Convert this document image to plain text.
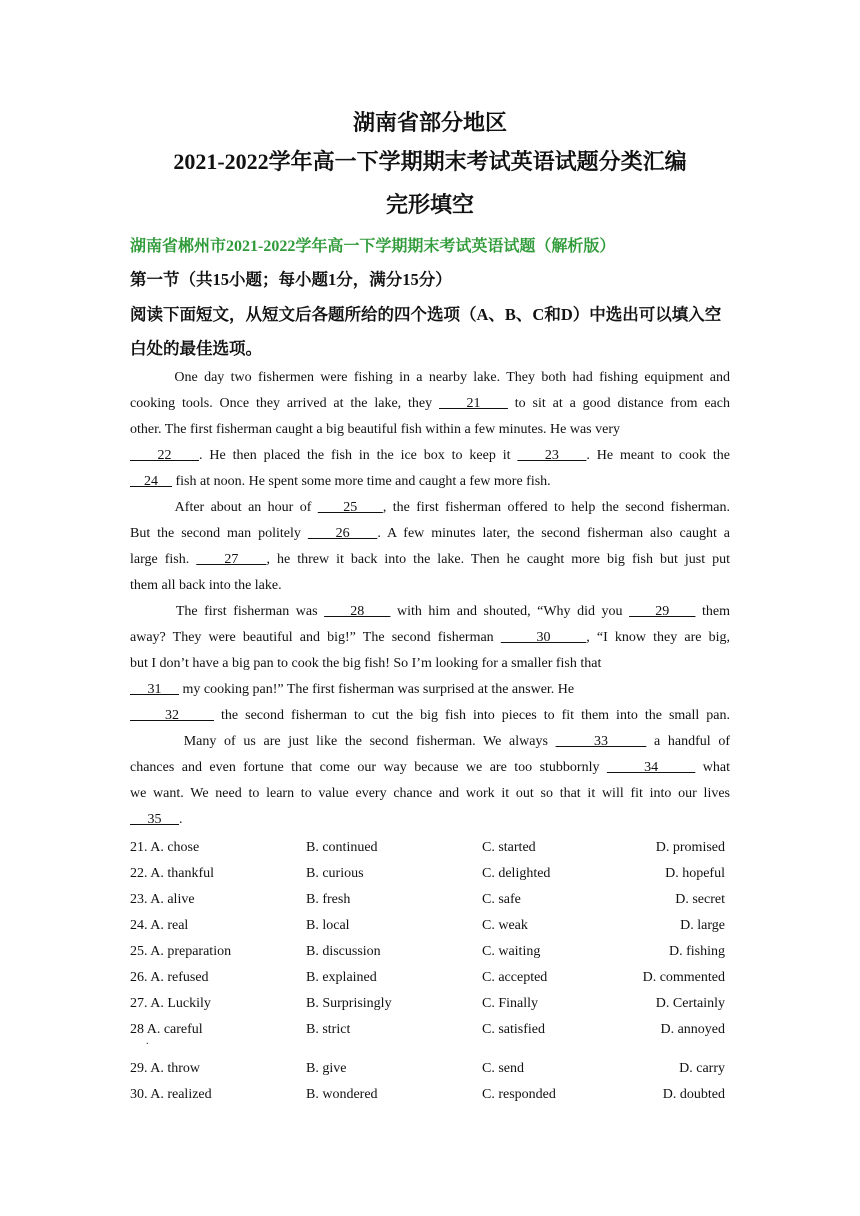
湖南省部分地区
2021-2022学年高一下学期期末考试英语试题分类汇编
完形填空
湖南省郴州市2021-2022学年高一下学期期末考试英语试题（解析版）
第一节（共15小题；每小题1分，满分15分）
阅读下面短文，从短文后各题所给的四个选项（A、B、C和D）中选出可以填入空白处的最佳选项。
One day two fishermen were fishing in a nearby lake. They both had fishing equipment and
cooking tools. Once they arrived at the lake, they     21     to sit at a good distance from each
other. The first fisherman caught a big beautiful fish within a few minutes. He was very
22    . He then placed the fish in the ice box to keep it     23    . He meant to cook the
24     fish at noon. He spent some more time and caught a few more fish.
After about an hour of     25    , the first fisherman offered to help the second fisherman.
But the second man politely     26    . A few minutes later, the second fisherman also caught a
large fish.     27    , he threw it back into the lake. Then he caught more big fish but just put
them all back into the lake.
The first fisherman was     28     with him and shouted, “Why did you     29     them
away? They were beautiful and big!” The second fisherman      30     , “I know they are big,
but I don’t have a big pan to cook the big fish! So I’m looking for a smaller fish that
31      my cooking pan!” The first fisherman was surprised at the answer. He
32      the second fisherman to cut the big fish into pieces to fit them into the small pan.
Many of us are just like the second fisherman. We always      33      a handful of
chances and even fortune that come our way because we are too stubbornly      34      what
we want. We need to learn to value every chance and work it out so that it will fit into our lives
35     .
21. A. chose	B. continued	C. started	D. promised
22. A. thankful	B. curious	C. delighted	D. hopeful
23. A. alive	B. fresh	C. safe	D. secret
24. A. real	B. local	C. weak	D. large
25. A. preparation	B. discussion	C. waiting	D. fishing
26. A. refused	B. explained	C. accepted	D. commented
27. A. Luckily	B. Surprisingly	C. Finally	D. Certainly
28 A. careful	B. strict	C. satisfied	D. annoyed
29. A. throw	B. give	C. send	D. carry
30. A. realized	B. wondered	C. responded	D. doubted
.
